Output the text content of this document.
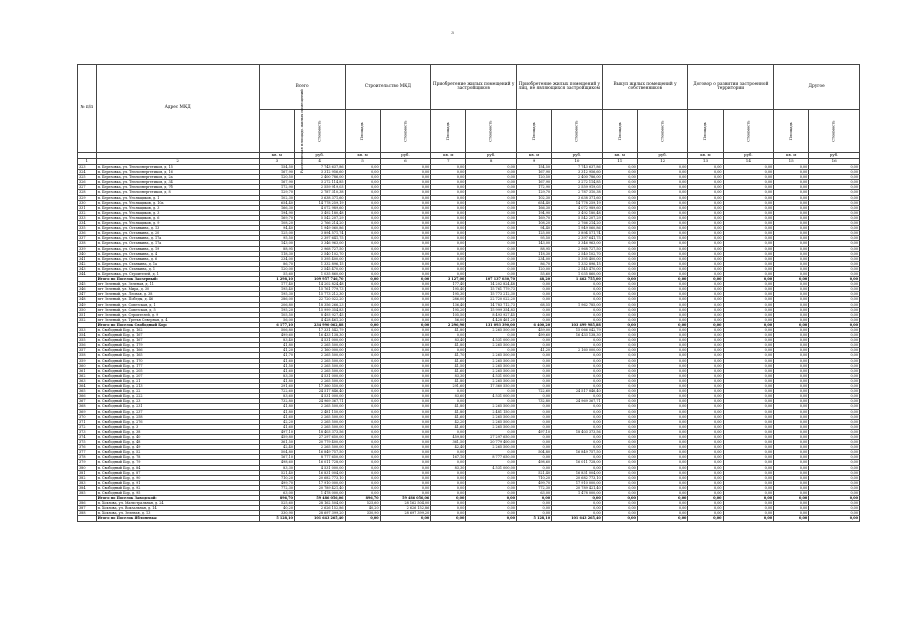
3
№ п/п	Адрес МКД	Всего		Строительство МКД		Приобретение жилых помещений у застройщиков		Приобретение жилых помещений у лиц, не являющихся застройщиком		Выкуп жилых помещений у собственников		Договор о развитии застроенной территории		Другое	
		Расселяемая площадь жилых помещений	Стоимость	Площадь	Стоимость	Площадь	Стоимость	Площадь	Стоимость	Площадь	Стоимость	Площадь	Стоимость	Площадь	Стоимость
		кв. м	руб.	кв. м	руб.	кв. м	руб.	кв. м	руб.	кв. м	руб.	кв. м	руб.	кв. м	руб.
1	2	3	4	5	6	7	8	9	10	11	12	13	14	15	16
323	п. Березовка, ул. Теплоэнергетиков, д. 15	154,50	7 743 637,86	0,00	0,00	0,00	0,00	154,50	7 743 637,86	0,00	0,00	0,00	0,00	0,00	0,00
324	п. Березовка, ул. Теплоэнергетиков, д. 16	167,90	3 312 956,60	0,00	0,00	0,00	0,00	167,90	3 312 956,60	0,00	0,00	0,00	0,00	0,00	0,00
325	п. Березовка, ул. Теплоэнергетиков, д. 2а	120,50	2 400 786,00	0,00	0,00	0,00	0,00	120,50	2 400 786,00	0,00	0,00	0,00	0,00	0,00	0,00
326	п. Березовка, ул. Теплоэнергетиков, д. 34	167,90	3 272 114,85	0,00	0,00	0,00	0,00	167,90	3 272 114,85	0,00	0,00	0,00	0,00	0,00	0,00
327	п. Березовка, ул. Теплоэнергетиков, д. 7б	172,90	2 559 919,03	0,00	0,00	0,00	0,00	172,90	2 559 919,03	0,00	0,00	0,00	0,00	0,00	0,00
328	п. Березовка, ул. Теплоэнергетиков, д. 8	129,70	2 787 310,38	0,00	0,00	0,00	0,00	129,70	2 787 310,38	0,00	0,00	0,00	0,00	0,00	0,00
329	п. Березовка, ул. Угольщиков, д. 1	102,30	3 638 371,60	0,00	0,00	0,00	0,00	102,30	3 638 371,60	0,00	0,00	0,00	0,00	0,00	0,00
330	п. Березовка, ул. Угольщиков, д. 10а	654,40	14 778 259,19	0,00	0,00	0,00	0,00	654,40	14 778 259,19	0,00	0,00	0,00	0,00	0,00	0,00
331	п. Березовка, ул. Угольщиков, д. 3	166,30	4 072 989,60	0,00	0,00	0,00	0,00	166,30	4 072 989,60	0,00	0,00	0,00	0,00	0,00	0,00
332	п. Березовка, ул. Угольщиков, д. 3	194,90	3 492 180,48	0,00	0,00	0,00	0,00	194,90	3 492 180,48	0,00	0,00	0,00	0,00	0,00	0,00
333	п. Березовка, ул. Угольщиков, д. 6	169,70	5 542 207,29	0,00	0,00	0,00	0,00	169,70	5 542 207,29	0,00	0,00	0,00	0,00	0,00	0,00
334	п. Березовка, ул. Угольщиков, д. 9	108,20	2 766 214,20	0,00	0,00	0,00	0,00	108,20	2 766 214,20	0,00	0,00	0,00	0,00	0,00	0,00
335	п. Березовка, ул. Останкина, д. 13	94,40	1 949 060,86	0,00	0,00	0,00	0,00	94,40	1 949 060,86	0,00	0,00	0,00	0,00	0,00	0,00
336	п. Березовка, ул. Останкина, д. 20	125,00	3 894 571,74	0,00	0,00	0,00	0,00	125,00	3 894 571,74	0,00	0,00	0,00	0,00	0,00	0,00
337	п. Березовка, ул. Останкина, д. 17а	95,50	2 397 641,75	0,00	0,00	0,00	0,00	95,50	2 397 641,75	0,00	0,00	0,00	0,00	0,00	0,00
338	п. Березовка, ул. Останкина, д. 17а	143,00	3 346 963,00	0,00	0,00	0,00	0,00	143,00	3 346 963,00	0,00	0,00	0,00	0,00	0,00	0,00
339	п. Березовка, ул. Останкина, д. 19	88,95	2 968 727,50	0,00	0,00	0,00	0,00	88,95	2 968 727,50	0,00	0,00	0,00	0,00	0,00	0,00
340	п. Березовка, ул. Останкина, д. 4	118,30	2 540 102,70	0,00	0,00	0,00	0,00	118,30	2 540 102,70	0,00	0,00	0,00	0,00	0,00	0,00
341	п. Березовка, ул. Останкина, д. 6	234,00	5 395 400,00	0,00	0,00	0,00	0,00	234,00	5 395 400,00	0,00	0,00	0,00	0,00	0,00	0,00
342	п. Березовка, ул. Станкина, д. 1а	86,70	1 332 896,15	0,00	0,00	0,00	0,00	86,70	1 332 896,15	0,00	0,00	0,00	0,00	0,00	0,00
343	п. Березовка, ул. Станкина, д. 1	120,00	2 545 470,00	0,00	0,00	0,00	0,00	120,00	2 545 470,00	0,00	0,00	0,00	0,00	0,00	0,00
344	п. Березовка, ул. Строителей, д. 1	55,60	1 035 860,00	0,00	0,00	0,00	0,00	55,60	1 035 860,00	0,00	0,00	0,00	0,00	0,00	0,00
	Итого по Поселок Заозерный:	1 298,10	109 957 746,70	0,00	0,00	3 127,00	107 137 030,70	48,20	1 462 755,00	0,00	0,00	0,00	0,00	0,00	0,00
345	пгт Зеленый, ул. Зеленая, д. 11	177,40	14 202 824,48	0,00	0,00	177,40	14 202 824,48	0,00	0,00	0,00	0,00	0,00	0,00	0,00	0,00
346	пгт Зеленый, ул. Мира, д. 30	195,40	15 761 779,73	0,00	0,00	195,40	15 761 779,73	0,00	0,00	0,00	0,00	0,00	0,00	0,00	0,00
347	пгт Зеленый, ул. Лесная, д. 38	195,30	15 773 212,30	0,00	0,00	195,30	15 773 212,30	0,00	0,00	0,00	0,00	0,00	0,00	0,00	0,00
348	пгт Зеленый, ул. Победы, д. 46	286,00	22 720 022,20	0,00	0,00	286,00	22 720 022,20	0,00	0,00	0,00	0,00	0,00	0,00	0,00	0,00
349	пгт Зеленый, ул. Советская, д. 1	206,80	18 356 266,23	0,00	0,00	136,40	14 783 712,73	68,55	1 962 785,00	0,00	0,00	0,00	0,00	0,00	0,00
350	пгт Зеленый, ул. Советская, д. 5	195,20	15 999 354,83	0,00	0,00	195,20	15 999 354,83	0,00	0,00	0,00	0,00	0,00	0,00	0,00	0,00
351	пгт Зеленый, ул. Строителей, д. 9	105,50	8 493 927,45	0,00	0,00	105,50	8 493 927,45	0,00	0,00	0,00	0,00	0,00	0,00	0,00	0,00
352	пгт Зеленый, ул. Третья Северная, д. 4	56,00	4 428 461,20	0,00	0,00	56,00	4 428 461,20	0,00	0,00	0,00	0,00	0,00	0,00	0,00	0,00
	Итого по Поселок Свободный Бор:	6 177,10	234 990 062,88	0,00	0,00	2 296,90	131 093 390,00	6 400,20	103 499 985,88	0,00	0,00	0,00	0,00	0,00	0,00
353	п. Свободный Бор, д. 162	506,80	17 331 542,79	0,00	0,00	41,80	2 265 500,00	459,00	15 066 042,79	0,00	0,00	0,00	0,00	0,00	0,00
354	п. Свободный Бор, д. 167	499,60	16 433 138,30	0,00	0,00	0,00	0,00	499,60	16 433 138,30	0,00	0,00	0,00	0,00	0,00	0,00
355	п. Свободный Бор, д. 167	83,40	4 531 000,00	0,00	0,00	83,40	4 531 000,00	0,00	0,00	0,00	0,00	0,00	0,00	0,00	0,00
356	п. Свободный Бор, д. 179	41,80	2 265 500,00	0,00	0,00	41,80	2 265 500,00	0,00	0,00	0,00	0,00	0,00	0,00	0,00	0,00
357	п. Свободный Бор, д. 166	41,20	2 160 000,00	0,00	0,00	0,00	0,00	41,20	2 160 000,00	0,00	0,00	0,00	0,00	0,00	0,00
358	п. Свободный Бор, д. 165	41,70	2 265 500,00	0,00	0,00	41,70	2 265 500,00	0,00	0,00	0,00	0,00	0,00	0,00	0,00	0,00
359	п. Свободный Бор, д. 170	41,60	2 265 500,00	0,00	0,00	41,60	2 265 500,00	0,00	0,00	0,00	0,00	0,00	0,00	0,00	0,00
360	п. Свободный Бор, д. 177	41,50	2 265 500,00	0,00	0,00	41,50	2 265 500,00	0,00	0,00	0,00	0,00	0,00	0,00	0,00	0,00
361	п. Свободный Бор, д. 205	41,60	2 265 500,00	0,00	0,00	41,60	2 265 500,00	0,00	0,00	0,00	0,00	0,00	0,00	0,00	0,00
362	п. Свободный Бор, д. 207	83,30	4 531 000,00	0,00	0,00	83,30	4 531 000,00	0,00	0,00	0,00	0,00	0,00	0,00	0,00	0,00
363	п. Свободный Бор, д. 21	41,80	2 265 500,00	0,00	0,00	41,80	2 265 500,00	0,00	0,00	0,00	0,00	0,00	0,00	0,00	0,00
364	п. Свободный Бор, д. 213	291,60	17 360 550,00	0,00	0,00	291,60	17 360 550,00	0,00	0,00	0,00	0,00	0,00	0,00	0,00	0,00
365	п. Свободный Бор, д. 22	722,60	24 517 846,40	0,00	0,00	0,00	0,00	722,60	24 517 846,40	0,00	0,00	0,00	0,00	0,00	0,00
366	п. Свободный Бор, д. 222	83,60	4 531 000,00	0,00	0,00	83,60	4 531 000,00	0,00	0,00	0,00	0,00	0,00	0,00	0,00	0,00
367	п. Свободный Бор, д. 23	732,80	24 969 367,71	0,00	0,00	0,00	0,00	732,80	24 969 367,71	0,00	0,00	0,00	0,00	0,00	0,00
368	п. Свободный Бор, д. 231	41,80	2 265 500,00	0,00	0,00	41,80	2 265 500,00	0,00	0,00	0,00	0,00	0,00	0,00	0,00	0,00
369	п. Свободный Бор, д. 237	41,80	2 481 150,00	0,00	0,00	41,80	2 481 150,00	0,00	0,00	0,00	0,00	0,00	0,00	0,00	0,00
370	п. Свободный Бор, д. 258	41,60	2 265 500,00	0,00	0,00	41,60	2 265 500,00	0,00	0,00	0,00	0,00	0,00	0,00	0,00	0,00
371	п. Свободный Бор, д. 276	42,20	2 265 500,00	0,00	0,00	42,20	2 265 500,00	0,00	0,00	0,00	0,00	0,00	0,00	0,00	0,00
372	п. Свободный Бор, д. 3	41,60	2 265 500,00	0,00	0,00	41,60	2 265 500,00	0,00	0,00	0,00	0,00	0,00	0,00	0,00	0,00
373	п. Свободный Бор, д. 38	497,10	18 403 373,56	0,00	0,00	0,00	0,00	497,10	18 403 373,56	0,00	0,00	0,00	0,00	0,00	0,00
374	п. Свободный Бор, д. 40	459,80	27 297 650,00	0,00	0,00	459,80	27 297 650,00	0,00	0,00	0,00	0,00	0,00	0,00	0,00	0,00
375	п. Свободный Бор, д. 48	361,50	20 779 400,00	0,00	0,00	361,50	20 779 400,00	0,00	0,00	0,00	0,00	0,00	0,00	0,00	0,00
376	п. Свободный Бор, д. 49	42,40	2 265 500,00	0,00	0,00	42,40	2 265 500,00	0,00	0,00	0,00	0,00	0,00	0,00	0,00	0,00
377	п. Свободный Бор, д. 52	504,80	16 849 757,50	0,00	0,00	0,00	0,00	504,80	16 849 757,50	0,00	0,00	0,00	0,00	0,00	0,00
378	п. Свободный Бор, д. 78	167,10	8 777 650,00	0,00	0,00	167,10	8 777 650,00	0,00	0,00	0,00	0,00	0,00	0,00	0,00	0,00
379	п. Свободный Бор, д. 79	498,60	16 011 728,00	0,00	0,00	0,00	0,00	498,60	16 011 728,00	0,00	0,00	0,00	0,00	0,00	0,00
380	п. Свободный Бор, д. 84	83,30	4 531 000,00	0,00	0,00	83,30	4 531 000,00	0,00	0,00	0,00	0,00	0,00	0,00	0,00	0,00
381	п. Свободный Бор, д. 87	521,40	16 831 004,00	0,00	0,00	0,00	0,00	521,40	16 831 004,00	0,00	0,00	0,00	0,00	0,00	0,00
382	п. Свободный Бор, д. 90	710,20	20 682 773,10	0,00	0,00	0,00	0,00	710,20	20 682 773,10	0,00	0,00	0,00	0,00	0,00	0,00
383	п. Свободный Бор, д. 91	499,70	17 910 000,00	0,00	0,00	0,00	0,00	499,70	17 910 000,00	0,00	0,00	0,00	0,00	0,00	0,00
384	п. Свободный Бор, д. 92	772,30	20 789 421,40	0,00	0,00	0,00	0,00	772,30	20 789 421,40	0,00	0,00	0,00	0,00	0,00	0,00
385	п. Свободный Бор, д. 95	63,00	1 478 000,00	0,00	0,00	0,00	0,00	63,00	1 478 000,00	0,00	0,00	0,00	0,00	0,00	0,00
	Итого по Поселок Заводской:	896,70	59 486 056,06	896,70	59 486 056,06	0,00	0,00	0,00	0,00	0,00	0,00	0,00	0,00	0,00	0,00
386	п. Хохлова, ул. Магистральная, д. 24	525,60	28 162 504,00	525,60	28 162 504,00	0,00	0,00	0,00	0,00	0,00	0,00	0,00	0,00	0,00	0,00
387	п. Хохлова, ул. Вокзальная, д. 14	40,20	2 626 152,86	40,20	2 626 152,86	0,00	0,00	0,00	0,00	0,00	0,00	0,00	0,00	0,00	0,00
388	п. Хохлова, ул. Зеленая, д. 13	330,90	28 697 399,20	330,90	28 697 399,20	0,00	0,00	0,00	0,00	0,00	0,00	0,00	0,00	0,00	0,00
	Итого по Поселок Яблоневка:	5 128,10	101 643 265,40	0,00	0,00	0,00	0,00	5 128,10	101 643 265,40	0,00	0,00	0,00	0,00	0,00	0,00
